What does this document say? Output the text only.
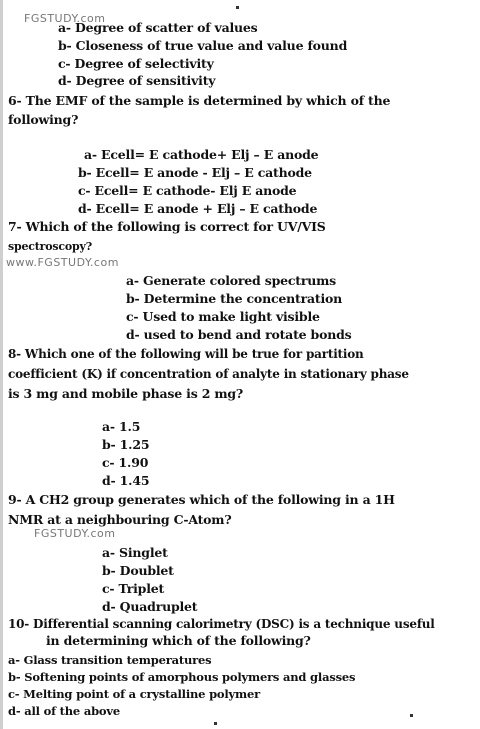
FGSTUDY.com
www.FGSTUDY.com
FGSTUDY.com
a- Degree of scatter of values
b- Closeness of true value and value found
c- Degree of selectivity
d- Degree of sensitivity
6- The EMF of the sample is determined by which of the
following?
a- Ecell= E cathode+ Elj – E anode
b- Ecell= E anode - Elj – E cathode
c- Ecell= E cathode- Elj E anode
d- Ecell= E anode + Elj – E cathode
7- Which of the following is correct for UV/VIS
spectroscopy?
a- Generate colored spectrums
b- Determine the concentration
c- Used to make light visible
d- used to bend and rotate bonds
8- Which one of the following will be true for partition
coefficient (K) if concentration of analyte in stationary phase
is 3 mg and mobile phase is 2 mg?
a- 1.5
b- 1.25
c- 1.90
d- 1.45
9- A CH2 group generates which of the following in a 1H
NMR at a neighbouring C-Atom?
a- Singlet
b- Doublet
c- Triplet
d- Quadruplet
10- Differential scanning calorimetry (DSC) is a technique useful
in determining which of the following?
a- Glass transition temperatures
b- Softening points of amorphous polymers and glasses
c- Melting point of a crystalline polymer
d- all of the above
